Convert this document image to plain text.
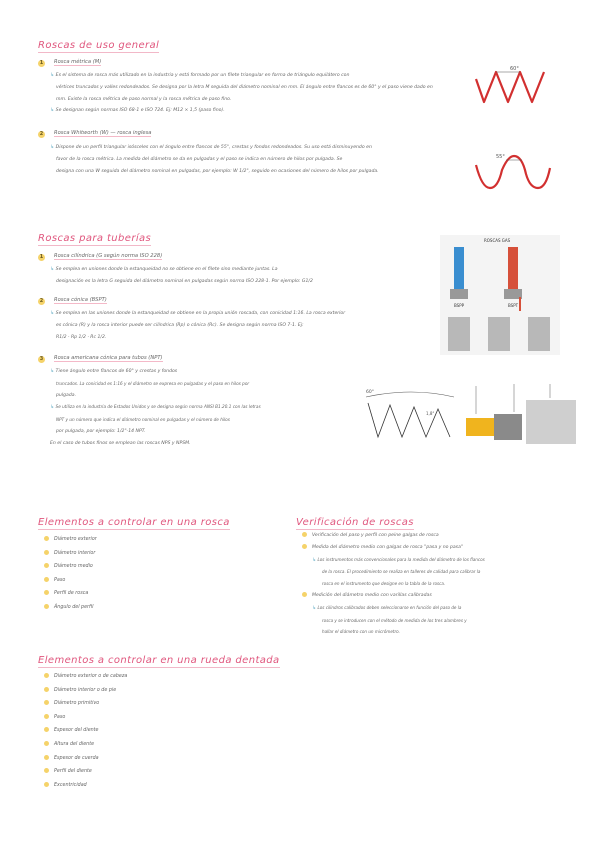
Roscas de uso general
1	Rosca métrica (M)
↳ Es el sistema de rosca más utilizado en la industria y está formado por un filete triangular en forma de triángulo equilátero con
vértices truncados y valles redondeados. Se designa por la letra M seguida del diámetro nominal en mm. El ángulo entre flancos es de 60° y el paso viene dado en
mm. Existe la rosca métrica de paso normal y la rosca métrica de paso fino.
↳ Se designan según normas ISO 68-1 e ISO 724. Ej: M12 × 1,5 (paso fino).
2	Rosca Whitworth (W) — rosca inglesa
↳ Dispone de un perfil triangular isósceles con el ángulo entre flancos de 55°, crestas y fondos redondeados. Su uso está disminuyendo en
favor de la rosca métrica. La medida del diámetro se da en pulgadas y el paso se indica en número de hilos por pulgada. Se
designa con una W seguida del diámetro nominal en pulgadas, por ejemplo: W 1/2", seguido en ocasiones del número de hilos por pulgada.
60°
55°
Roscas para tuberías
1	Rosca cilíndrica (G según norma ISO 228)
↳ Se emplea en uniones donde la estanqueidad no se obtiene en el filete sino mediante juntas. La
designación es la letra G seguida del diámetro nominal en pulgadas según norma ISO 228-1. Por ejemplo: G1/2
2	Rosca cónica (BSPT)
↳ Se emplea en las uniones donde la estanqueidad se obtiene en la propia unión roscada, con conicidad 1:16. La rosca exterior
es cónica (R) y la rosca interior puede ser cilíndrica (Rp) o cónica (Rc). Se designa según norma ISO 7-1. Ej:
R1/2 · Rp 1/2 · Rc 1/2.
3	Rosca americana cónica para tubos (NPT)
↳ Tiene ángulo entre flancos de 60° y crestas y fondos
truncados. La conicidad es 1:16 y el diámetro se expresa en pulgadas y el paso en hilos por
pulgada.
↳ Se utiliza en la industria de Estados Unidos y se designa según norma ANSI B1.20.1 con las letras
NPT y un número que indica el diámetro nominal en pulgadas y el número de hilos
por pulgada, por ejemplo: 1/2"-14 NPT.
En el caso de tubos finos se emplean las roscas NPS y NPSM.
ROSCAS GAS
BSPP	BSPT
60°
1,8°
Elementos a controlar en una rosca
Diámetro exterior
Diámetro interior
Diámetro medio
Paso
Perfil de rosca
Ángulo del perfil
Verificación de roscas
Verificación del paso y perfil con peine galgas de rosca
Medida del diámetro medio con galgas de rosca "pasa y no pasa"
↳ Los instrumentos más convencionales para la medida del diámetro de los flancos
de la rosca. El procedimiento se realiza en talleres de calidad para calibrar la
rosca en el instrumento que designe en la tabla de la rosca.
Medición del diámetro medio con varillas calibradas
↳ Los cilindros calibrados deben seleccionarse en función del paso de la
rosca y se introducen con el método de medida de los tres alambres y
hallar el diámetro con un micrómetro.
Elementos a controlar en una rueda dentada
Diámetro exterior o de cabeza
Diámetro interior o de pie
Diámetro primitivo
Paso
Espesor del diente
Altura del diente
Espesor de cuerda
Perfil del diente
Excentricidad
